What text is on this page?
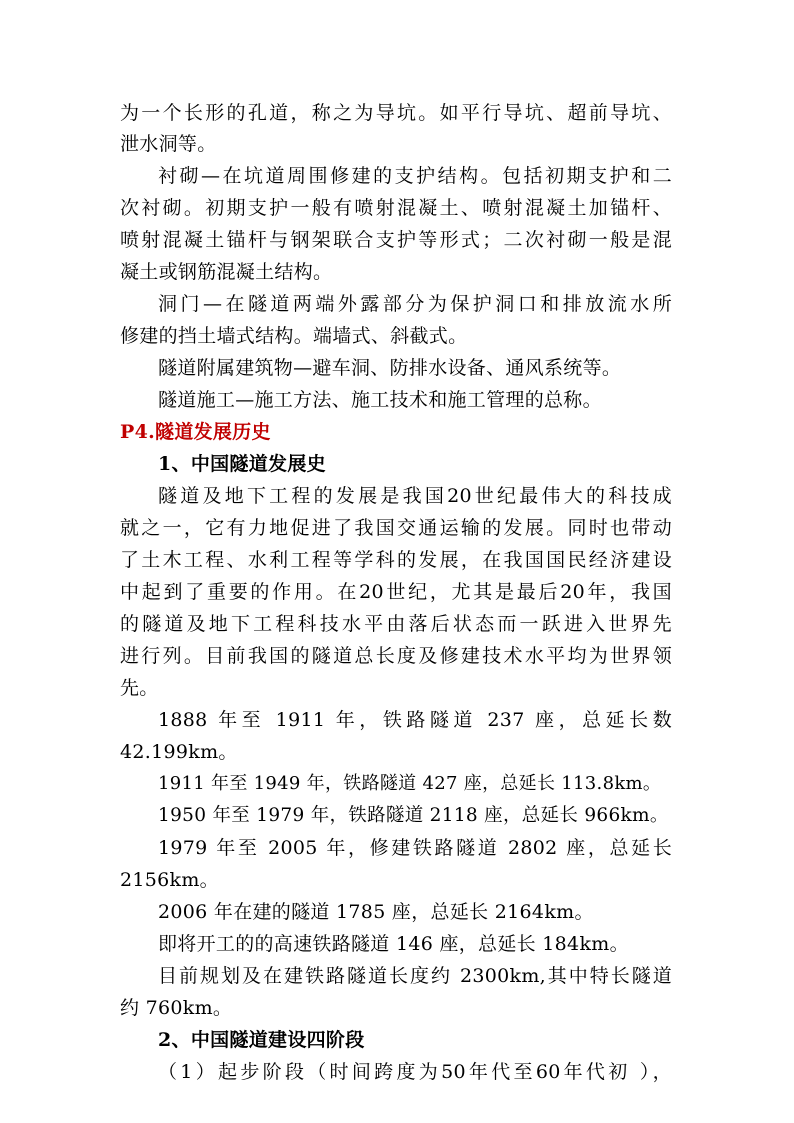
为一个长形的孔道，称之为导坑。如平行导坑、超前导坑、
泄水洞等。
衬砌—在坑道周围修建的支护结构。包括初期支护和二
次衬砌。初期支护一般有喷射混凝土、喷射混凝土加锚杆、
喷射混凝土锚杆与钢架联合支护等形式；二次衬砌一般是混
凝土或钢筋混凝土结构。
洞门—在隧道两端外露部分为保护洞口和排放流水所
修建的挡土墙式结构。端墙式、斜截式。
隧道附属建筑物—避车洞、防排水设备、通风系统等。
隧道施工—施工方法、施工技术和施工管理的总称。
P4.隧道发展历史
1、中国隧道发展史
隧道及地下工程的发展是我国20世纪最伟大的科技成
就之一，它有力地促进了我国交通运输的发展。同时也带动
了土木工程、水利工程等学科的发展，在我国国民经济建设
中起到了重要的作用。在20世纪，尤其是最后20年，我国
的隧道及地下工程科技水平由落后状态而一跃进入世界先
进行列。目前我国的隧道总长度及修建技术水平均为世界领
先。
1888 年至 1911 年，铁路隧道 237 座，总延长数
42.199km。
1911 年至 1949 年，铁路隧道 427 座，总延长 113.8km。
1950 年至 1979 年，铁路隧道 2118 座，总延长 966km。
1979 年至 2005 年，修建铁路隧道 2802 座，总延长
2156km。
2006 年在建的隧道 1785 座，总延长 2164km。
即将开工的的高速铁路隧道 146 座，总延长 184km。
目前规划及在建铁路隧道长度约 2300km,其中特长隧道
约 760km。
2、中国隧道建设四阶段
（1）起步阶段（时间跨度为50年代至60年代初 ），
